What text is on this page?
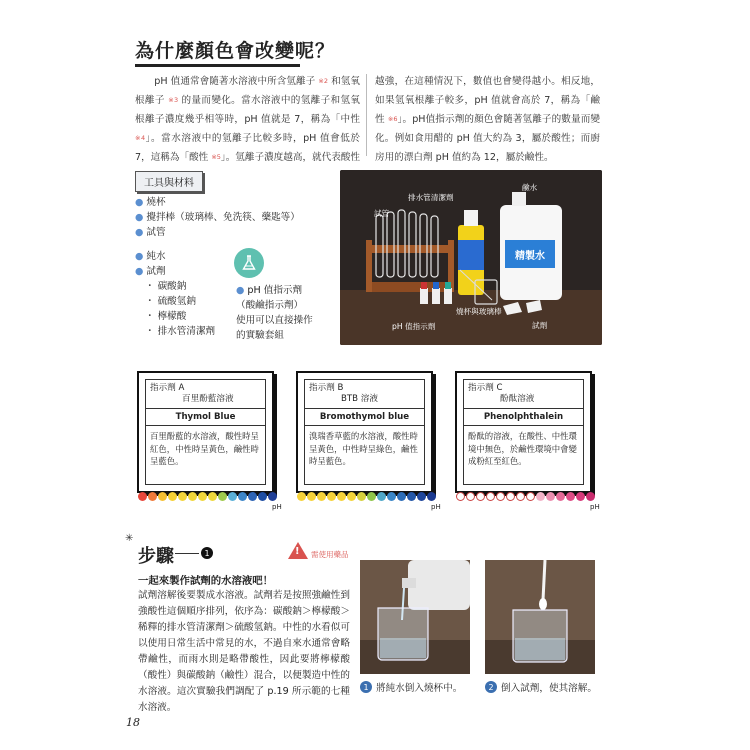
為什麼顏色會改變呢？
　　pH 值通常會隨著水溶液中所含氫離子 $^{※2}$ 和氫氧根離子 $^{※3}$ 的量而變化。當水溶液中的氫離子和氫氧根離子濃度幾乎相等時，pH 值就是 7，稱為「中性 $^{※4}$」。當水溶液中的氫離子比較多時，pH 值會低於 7，這稱為「酸性 $^{※5}$」。氫離子濃度越高，就代表酸性
越強，在這種情況下，數值也會變得越小。相反地，如果氫氧根離子較多，pH 值就會高於 7，稱為「鹼性 $^{※6}$」。pH值指示劑的顏色會隨著氫離子的數量而變化。例如食用醋的 pH 值大約為 3，屬於酸性；而廚房用的漂白劑 pH 值約為 12，屬於鹼性。
工具與材料
● 燒杯
● 攪拌棒（玻璃棒、免洗筷、藥匙等）
● 試管
● 純水
● 試劑
・ 碳酸鈉
・ 硫酸氫鈉
・ 檸檬酸
・ 排水管清潔劑
● pH 值指示劑
（酸鹼指示劑）
使用可以直接操作
的實驗套組
精製水
排水管清潔劑
鹼水
試管
燒杯與玻璃棒
pH 值指示劑	試劑
指示劑 A
百里酚藍溶液
Thymol Blue
百里酚藍的水溶液，酸性時呈紅色，中性時呈黃色，鹼性時呈藍色。
指示劑 B
BTB 溶液
Bromothymol blue
溴瑞香草藍的水溶液，酸性時呈黃色，中性時呈綠色，鹼性時呈藍色。
指示劑 C
酚酞溶液
Phenolphthalein
酚酞的溶液，在酸性、中性環境中無色，於鹼性環境中會變成粉紅至紅色。
pH	pH	pH
✳
步驟	1	! 需使用藥品
一起來製作試劑的水溶液吧！
試劑溶解後要製成水溶液。試劑若是按照強鹼性到強酸性這個順序排列，依序為：碳酸鈉＞檸檬酸＞稀釋的排水管清潔劑＞硫酸氫鈉。中性的水看似可以使用日常生活中常見的水，不過自來水通常會略帶鹼性，而雨水則是略帶酸性，因此要將檸檬酸（酸性）與碳酸鈉（鹼性）混合，以便製造中性的水溶液。這次實驗我們調配了 p.19 所示範的七種水溶液。
1 將純水倒入燒杯中。	2 倒入試劑，使其溶解。
18
